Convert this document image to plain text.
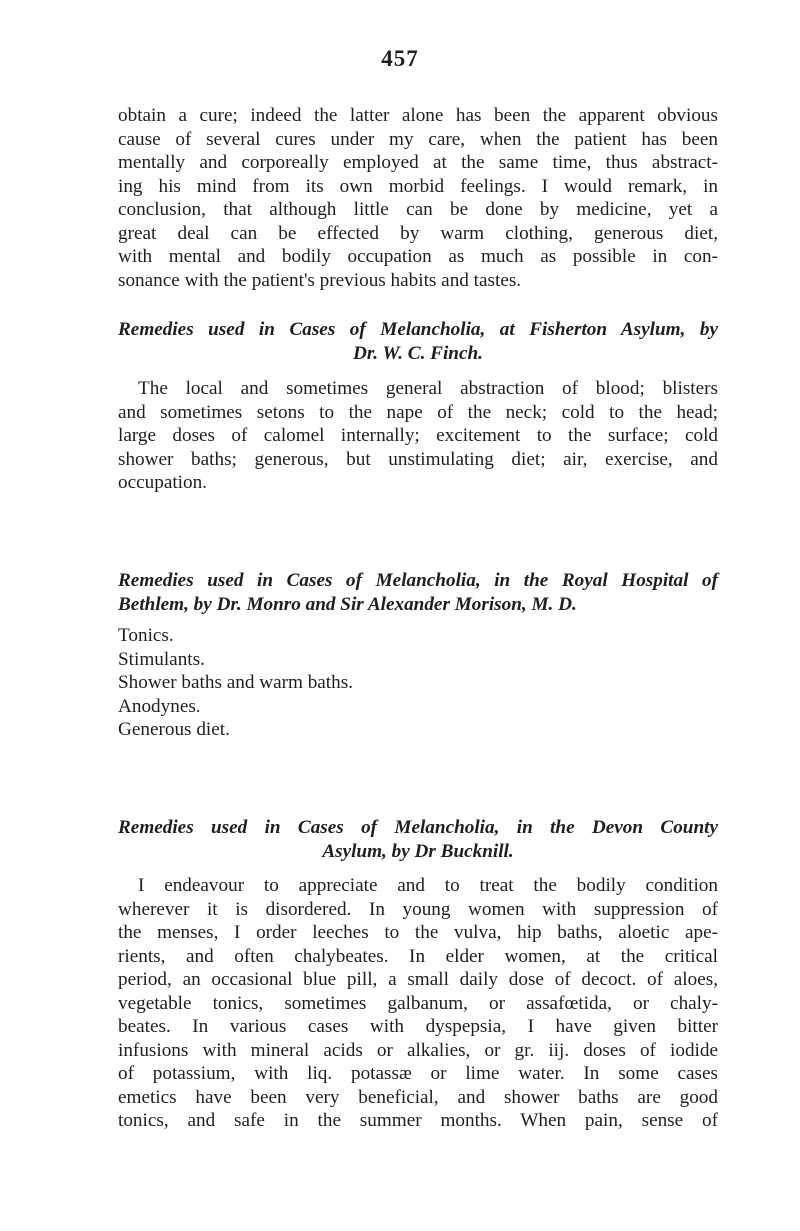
457
obtain a cure; indeed the latter alone has been the apparent obvious
cause of several cures under my care, when the patient has been
mentally and corporeally employed at the same time, thus abstract-
ing his mind from its own morbid feelings. I would remark, in
conclusion, that although little can be done by medicine, yet a
great deal can be effected by warm clothing, generous diet,
with mental and bodily occupation as much as possible in con-
sonance with the patient's previous habits and tastes.
Remedies used in Cases of Melancholia, at Fisherton Asylum, by
Dr. W. C. Finch.
The local and sometimes general abstraction of blood; blisters
and sometimes setons to the nape of the neck; cold to the head;
large doses of calomel internally; excitement to the surface; cold
shower baths; generous, but unstimulating diet; air, exercise, and
occupation.
Remedies used in Cases of Melancholia, in the Royal Hospital of
Bethlem, by Dr. Monro and Sir Alexander Morison, M. D.
Tonics.
Stimulants.
Shower baths and warm baths.
Anodynes.
Generous diet.
Remedies used in Cases of Melancholia, in the Devon County
Asylum, by Dr Bucknill.
I endeavour to appreciate and to treat the bodily condition
wherever it is disordered. In young women with suppression of
the menses, I order leeches to the vulva, hip baths, aloetic ape-
rients, and often chalybeates. In elder women, at the critical
period, an occasional blue pill, a small daily dose of decoct. of aloes,
vegetable tonics, sometimes galbanum, or assafœtida, or chaly-
beates. In various cases with dyspepsia, I have given bitter
infusions with mineral acids or alkalies, or gr. iij. doses of iodide
of potassium, with liq. potassæ or lime water. In some cases
emetics have been very beneficial, and shower baths are good
tonics, and safe in the summer months. When pain, sense of
